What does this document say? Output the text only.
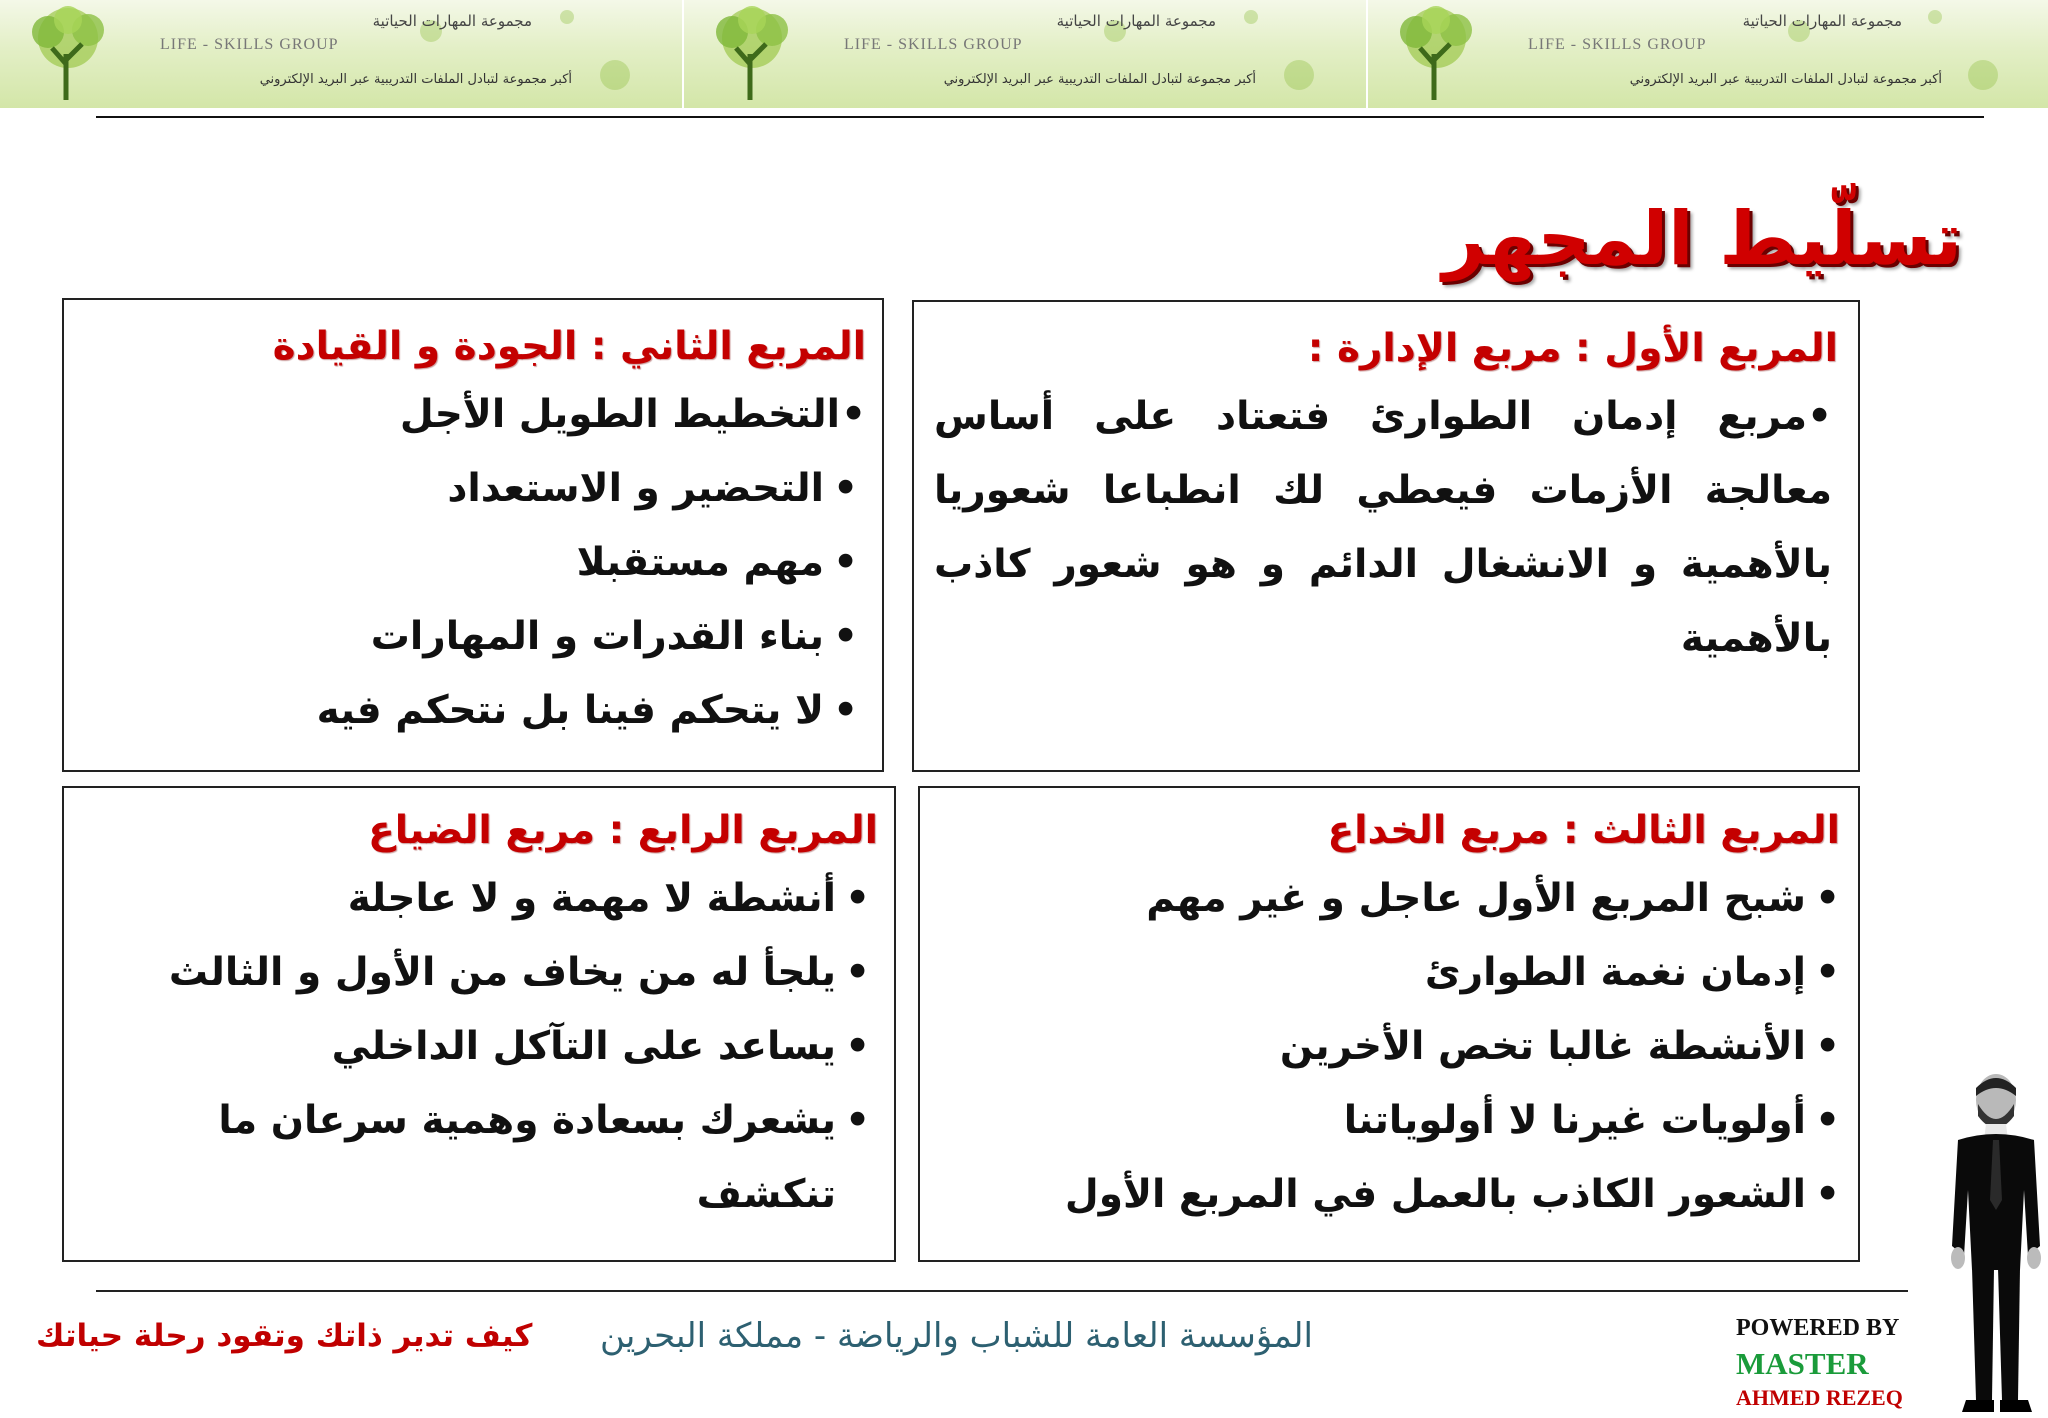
مجموعة المهارات الحياتية
LIFE - SKILLS GROUP
أكبر مجموعة لتبادل الملفات التدريبية عبر البريد الإلكتروني
مجموعة المهارات الحياتية
LIFE - SKILLS GROUP
أكبر مجموعة لتبادل الملفات التدريبية عبر البريد الإلكتروني
مجموعة المهارات الحياتية
LIFE - SKILLS GROUP
أكبر مجموعة لتبادل الملفات التدريبية عبر البريد الإلكتروني
تسلّيط المجهر
المربع الأول : مربع الإدارة :

•مربع إدمان الطوارئ فتعتاد على أساس معالجة الأزمات فيعطي لك انطباعا شعوريا بالأهمية و الانشغال الدائم و هو شعور كاذب بالأهمية

المربع الثاني : الجودة و القيادة
• التخطيط الطويل الأجل
• التحضير و الاستعداد
• مهم مستقبلا
• بناء القدرات و المهارات
• لا يتحكم فينا بل نتحكم فيه
المربع الثالث : مربع الخداع
• شبح المربع الأول عاجل و غير مهم
• إدمان نغمة الطوارئ
• الأنشطة غالبا تخص الأخرين
• أولويات غيرنا لا أولوياتنا
• الشعور الكاذب بالعمل في المربع الأول
المربع الرابع : مربع الضياع
• أنشطة لا مهمة و لا عاجلة
• يلجأ له من يخاف من الأول و الثالث
• يساعد على التآكل الداخلي
• يشعرك بسعادة وهمية سرعان ما تنكشف
كيف تدير ذاتك وتقود رحلة حياتك المؤسسة العامة للشباب والرياضة - مملكة البحرين	POWERED BY
MASTER
AHMED REZEQ
